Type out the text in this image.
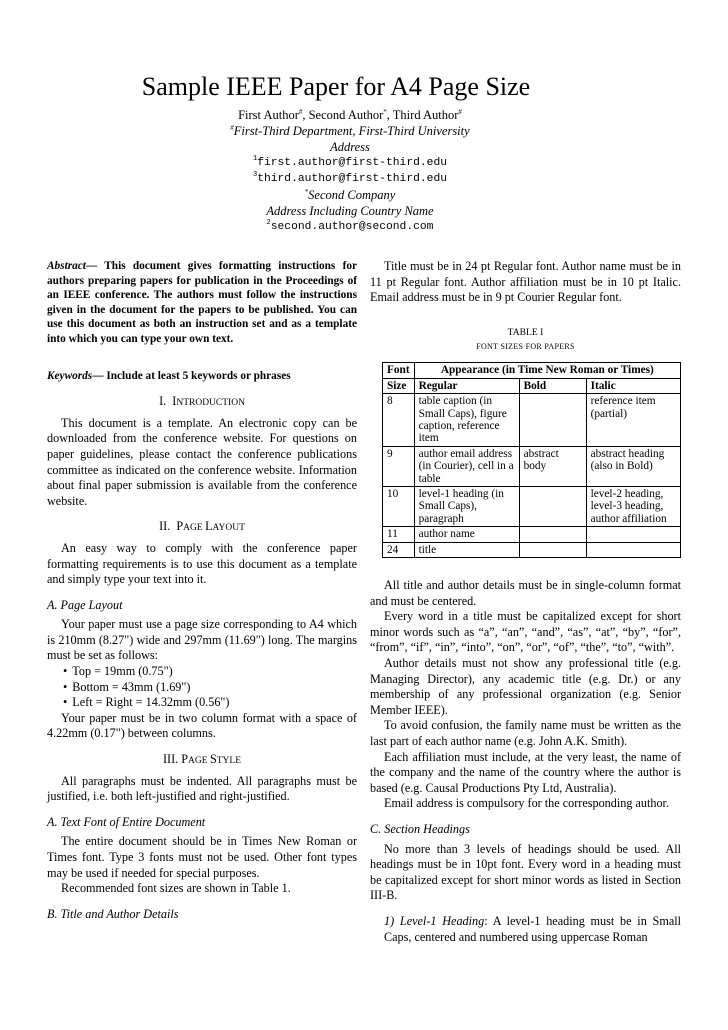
Sample IEEE Paper for A4 Page Size
First Author#, Second Author*, Third Author#
#First-Third Department, First-Third University
Address
$^1$first.author@first-third.edu
$^3$third.author@first-third.edu
*Second Company
Address Including Country Name
$^2$second.author@second.com

Abstract— This document gives formatting instructions for authors preparing papers for publication in the Proceedings of an IEEE conference. The authors must follow the instructions given in the document for the papers to be published. You can use this document as both an instruction set and as a template into which you can type your own text.

Keywords— Include at least 5 keywords or phrases

I. INTRODUCTION

This document is a template. An electronic copy can be downloaded from the conference website. For questions on paper guidelines, please contact the conference publications committee as indicated on the conference website. Information about final paper submission is available from the conference website.

II. PAGE LAYOUT

An easy way to comply with the conference paper formatting requirements is to use this document as a template and simply type your text into it.

A. Page Layout

Your paper must use a page size corresponding to A4 which is 210mm (8.27") wide and 297mm (11.69") long. The margins must be set as follows:

• Top = 19mm (0.75")
• Bottom = 43mm (1.69")
• Left = Right = 14.32mm (0.56")

Your paper must be in two column format with a space of 4.22mm (0.17") between columns.

III. PAGE STYLE

All paragraphs must be indented. All paragraphs must be justified, i.e. both left-justified and right-justified.

A. Text Font of Entire Document

The entire document should be in Times New Roman or Times font. Type 3 fonts must not be used. Other font types may be used if needed for special purposes.

Recommended font sizes are shown in Table 1.

B. Title and Author Details

Title must be in 24 pt Regular font. Author name must be in 11 pt Regular font. Author affiliation must be in 10 pt Italic. Email address must be in 9 pt Courier Regular font.

TABLE I
FONT SIZES FOR PAPERS
Font	Appearance (in Time New Roman or Times)		
Size	Regular	Bold	Italic
8	table caption (in Small Caps), figure caption, reference item		reference item (partial)
9	author email address (in Courier), cell in a table	abstract body	abstract heading (also in Bold)
10	level-1 heading (in Small Caps), paragraph		level-2 heading, level-3 heading, author affiliation
11	author name		
24	title		

All title and author details must be in single-column format and must be centered.

Every word in a title must be capitalized except for short minor words such as “a”, “an”, “and”, “as”, “at”, “by”, “for”, “from”, “if”, “in”, “into”, “on”, “or”, “of”, “the”, “to”, “with”.

Author details must not show any professional title (e.g. Managing Director), any academic title (e.g. Dr.) or any membership of any professional organization (e.g. Senior Member IEEE).

To avoid confusion, the family name must be written as the last part of each author name (e.g. John A.K. Smith).

Each affiliation must include, at the very least, the name of the company and the name of the country where the author is based (e.g. Causal Productions Pty Ltd, Australia).

Email address is compulsory for the corresponding author.

C. Section Headings

No more than 3 levels of headings should be used. All headings must be in 10pt font. Every word in a heading must be capitalized except for short minor words as listed in Section III-B.

1) Level-1 Heading: A level-1 heading must be in Small Caps, centered and numbered using uppercase Roman
